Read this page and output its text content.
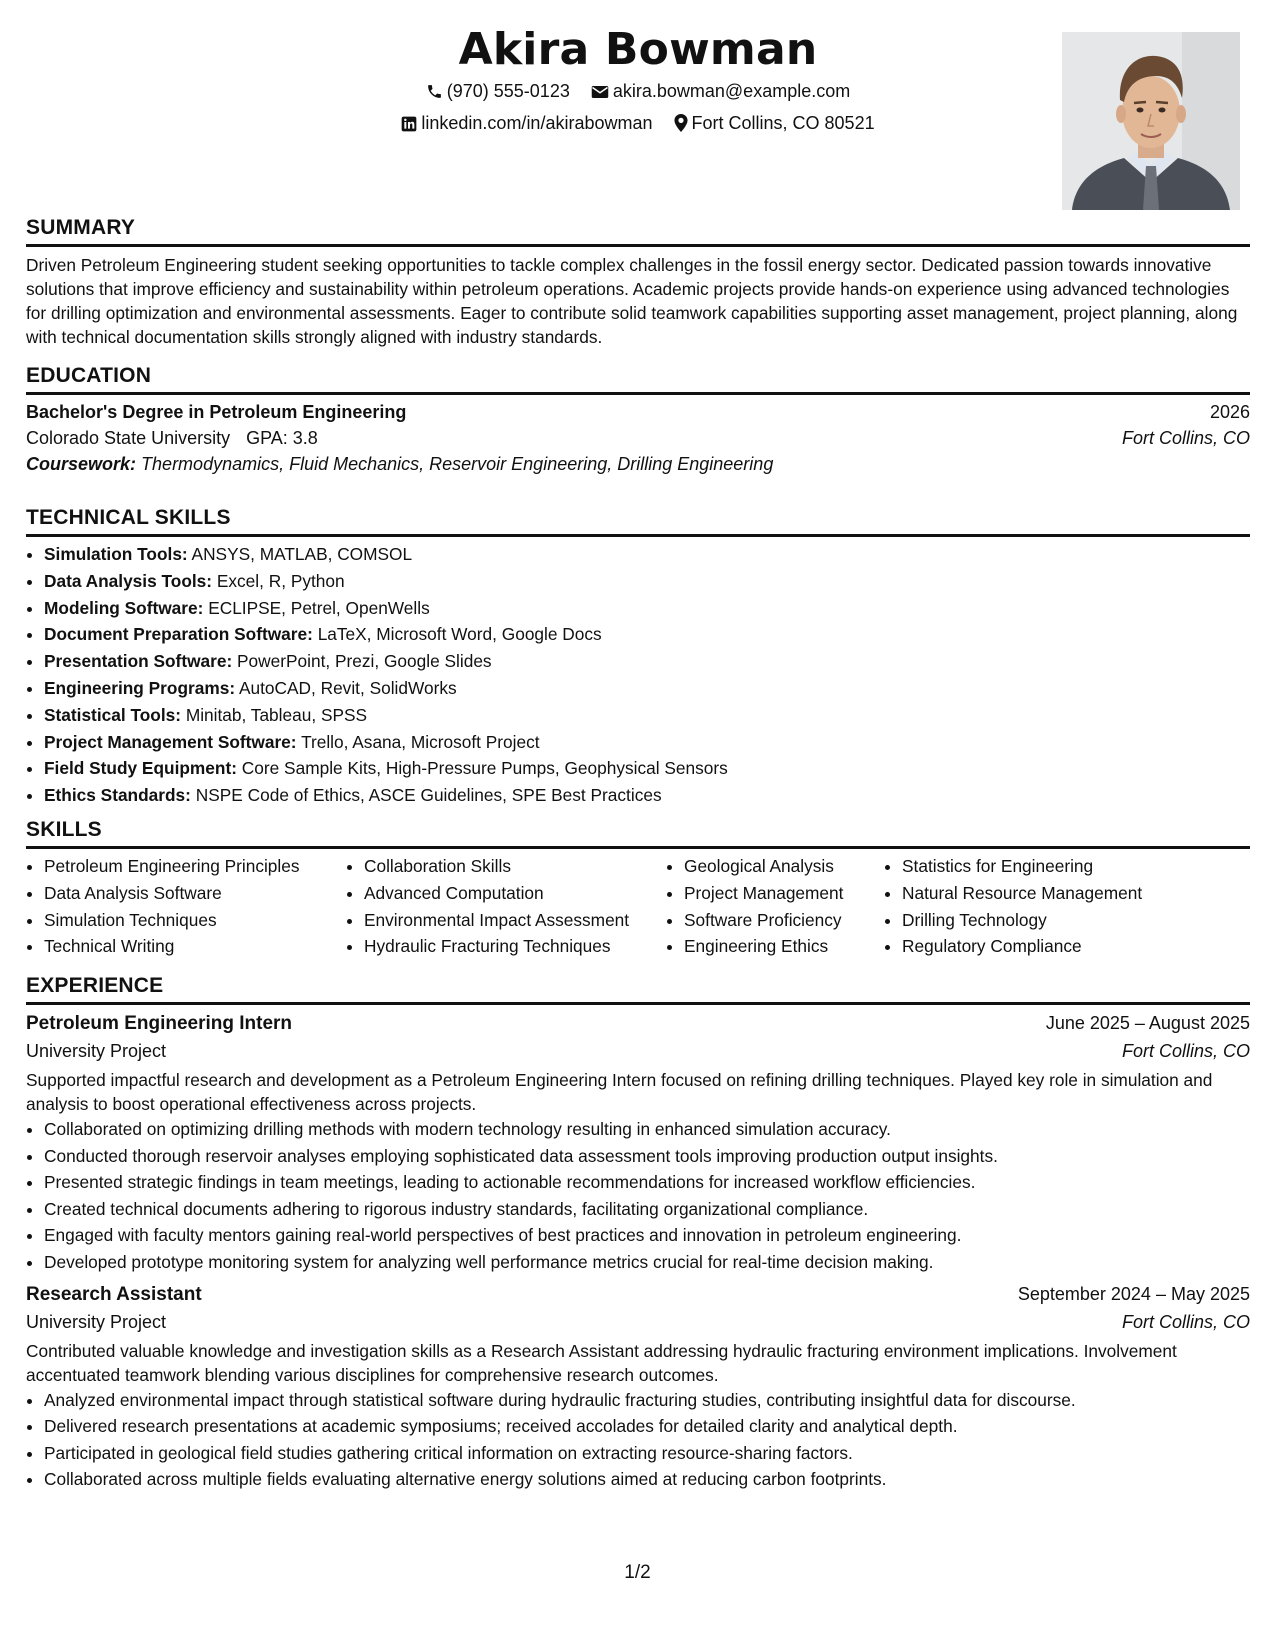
Akira Bowman
(970) 555-0123 akira.bowman@example.com
linkedin.com/in/akirabowman Fort Collins, CO 80521
SUMMARY

Driven Petroleum Engineering student seeking opportunities to tackle complex challenges in the fossil energy sector. Dedicated passion towards innovative solutions that improve efficiency and sustainability within petroleum operations. Academic projects provide hands-on experience using advanced technologies for drilling optimization and environmental assessments. Eager to contribute solid teamwork capabilities supporting asset management, project planning, along with technical documentation skills strongly aligned with industry standards.

EDUCATION
Bachelor's Degree in Petroleum Engineering	2026
Colorado State University GPA: 3.8	Fort Collins, CO
Coursework: Thermodynamics, Fluid Mechanics, Reservoir Engineering, Drilling Engineering
TECHNICAL SKILLS
• Simulation Tools: ANSYS, MATLAB, COMSOL
• Data Analysis Tools: Excel, R, Python
• Modeling Software: ECLIPSE, Petrel, OpenWells
• Document Preparation Software: LaTeX, Microsoft Word, Google Docs
• Presentation Software: PowerPoint, Prezi, Google Slides
• Engineering Programs: AutoCAD, Revit, SolidWorks
• Statistical Tools: Minitab, Tableau, SPSS
• Project Management Software: Trello, Asana, Microsoft Project
• Field Study Equipment: Core Sample Kits, High-Pressure Pumps, Geophysical Sensors
• Ethics Standards: NSPE Code of Ethics, ASCE Guidelines, SPE Best Practices
SKILLS
• Petroleum Engineering Principles
• Data Analysis Software
• Simulation Techniques
• Technical Writing
• Collaboration Skills
• Advanced Computation
• Environmental Impact Assessment
• Hydraulic Fracturing Techniques
• Geological Analysis
• Project Management
• Software Proficiency
• Engineering Ethics
• Statistics for Engineering
• Natural Resource Management
• Drilling Technology
• Regulatory Compliance
EXPERIENCE
Petroleum Engineering Intern	June 2025 – August 2025
University Project	Fort Collins, CO

Supported impactful research and development as a Petroleum Engineering Intern focused on refining drilling techniques. Played key role in simulation and analysis to boost operational effectiveness across projects.

• Collaborated on optimizing drilling methods with modern technology resulting in enhanced simulation accuracy.
• Conducted thorough reservoir analyses employing sophisticated data assessment tools improving production output insights.
• Presented strategic findings in team meetings, leading to actionable recommendations for increased workflow efficiencies.
• Created technical documents adhering to rigorous industry standards, facilitating organizational compliance.
• Engaged with faculty mentors gaining real-world perspectives of best practices and innovation in petroleum engineering.
• Developed prototype monitoring system for analyzing well performance metrics crucial for real-time decision making.
Research Assistant	September 2024 – May 2025
University Project	Fort Collins, CO

Contributed valuable knowledge and investigation skills as a Research Assistant addressing hydraulic fracturing environment implications. Involvement accentuated teamwork blending various disciplines for comprehensive research outcomes.

• Analyzed environmental impact through statistical software during hydraulic fracturing studies, contributing insightful data for discourse.
• Delivered research presentations at academic symposiums; received accolades for detailed clarity and analytical depth.
• Participated in geological field studies gathering critical information on extracting resource-sharing factors.
• Collaborated across multiple fields evaluating alternative energy solutions aimed at reducing carbon footprints.
1/2
